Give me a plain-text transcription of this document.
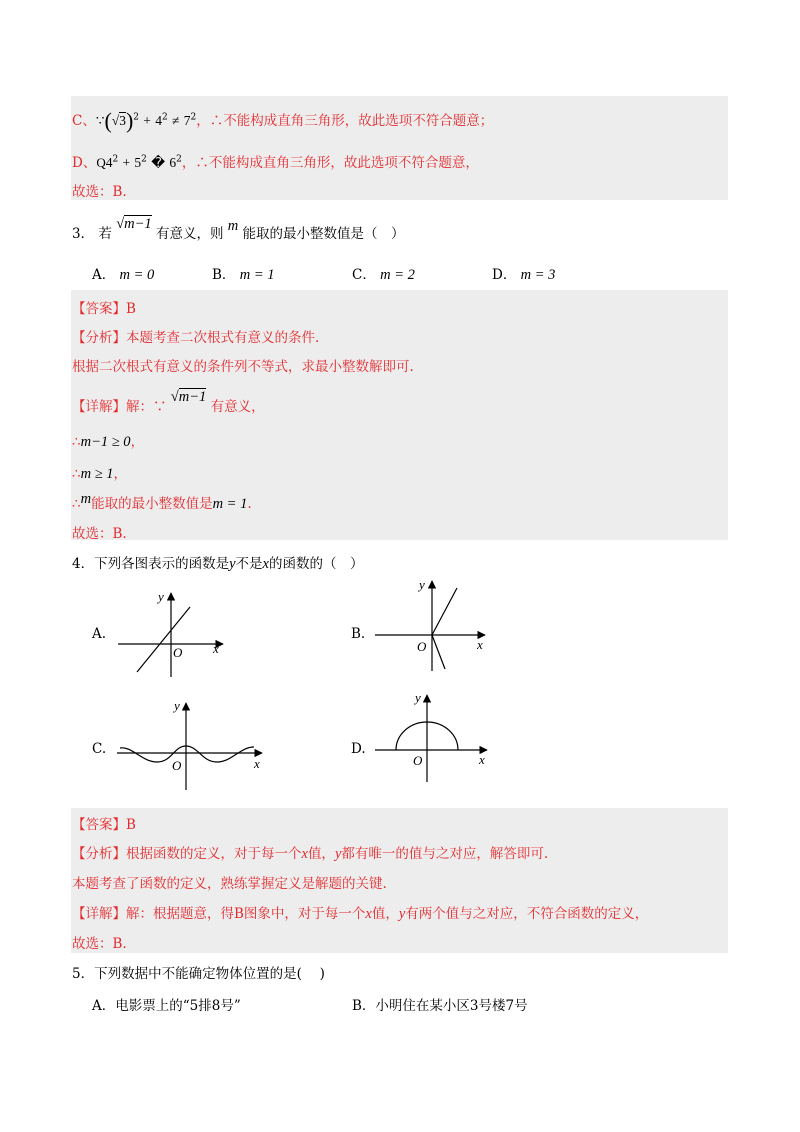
C、$\because(√3)^2 + 4^2 \ne 7^2$，∴不能构成直角三角形，故此选项不符合题意；
D、$Q4^2 + 5^2$ � $6^2$，∴不能构成直角三角形，故此选项不符合题意，
故选：B.
3． 若 √m−1 有意义，则 m 能取的最小整数值是（　）
A． m = 0	B． m = 1	C． m = 2	D． m = 3
【答案】B
【分析】本题考查二次根式有意义的条件.
根据二次根式有意义的条件列不等式，求最小整数解即可.
【详解】解：∵ √m−1 有意义，
∴m−1 ≥ 0，
∴m ≥ 1，
∴m能取的最小整数值是m = 1.
故选：B.
4．下列各图表示的函数是y不是x的函数的（　）
A.
x
y
O
B.
x
y
O
C.
x
y
O
D.
x
y
O
【答案】B
【分析】根据函数的定义，对于每一个x值，y都有唯一的值与之对应，解答即可.
本题考查了函数的定义，熟练掌握定义是解题的关键.
【详解】解：根据题意，得B图象中，对于每一个x值，y有两个值与之对应，不符合函数的定义，
故选：B.
5．下列数据中不能确定物体位置的是(　 )
A．电影票上的“5排8号”	B．小明住在某小区3号楼7号
